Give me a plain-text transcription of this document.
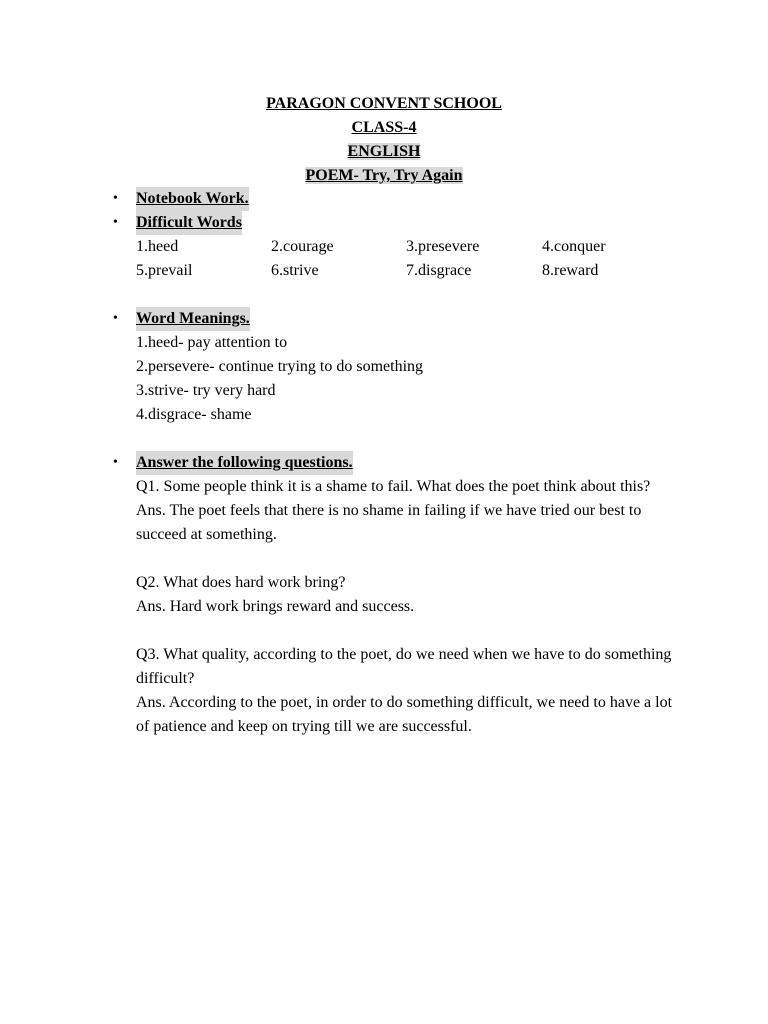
PARAGON CONVENT SCHOOL
CLASS-4
ENGLISH
POEM- Try, Try Again
• Notebook Work.
• Difficult Words
1.heed	2.courage	3.presevere	4.conquer
5.prevail	6.strive	7.disgrace	8.reward
• Word Meanings.
1.heed- pay attention to
2.persevere- continue trying to do something
3.strive- try very hard
4.disgrace- shame
• Answer the following questions.
Q1. Some people think it is a shame to fail. What does the poet think about this?
Ans. The poet feels that there is no shame in failing if we have tried our best to succeed at something.
Q2. What does hard work bring?
Ans. Hard work brings reward and success.
Q3. What quality, according to the poet, do we need when we have to do something difficult?
Ans. According to the poet, in order to do something difficult, we need to have a lot of patience and keep on trying till we are successful.
